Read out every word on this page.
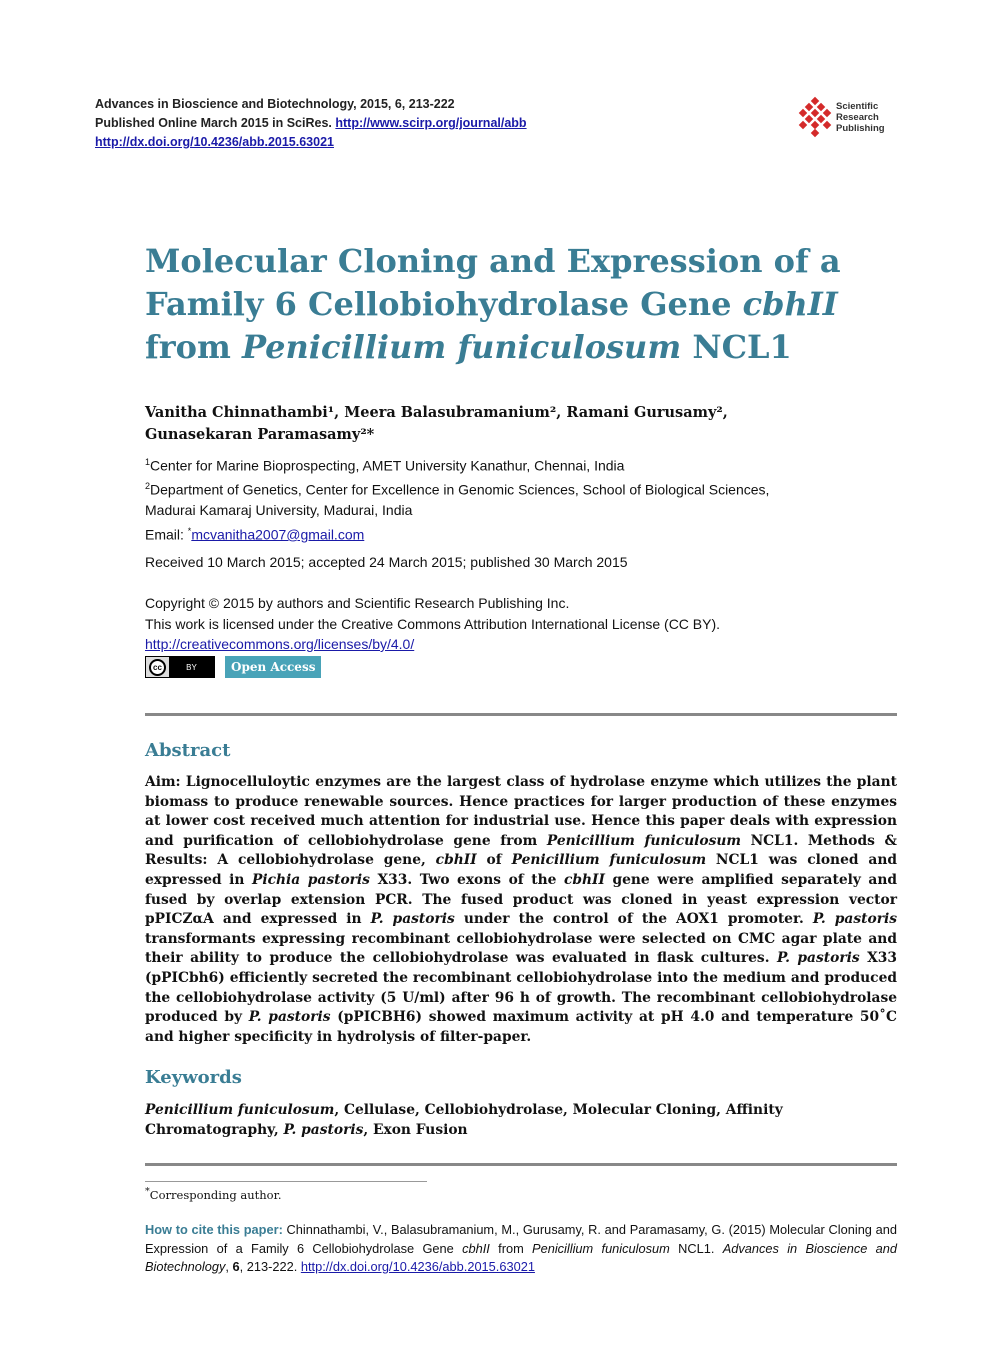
Advances in Bioscience and Biotechnology, 2015, 6, 213-222
Published Online March 2015 in SciRes. http://www.scirp.org/journal/abb
http://dx.doi.org/10.4236/abb.2015.63021
Scientific
Research
Publishing
Molecular Cloning and Expression of a
Family 6 Cellobiohydrolase Gene cbhII
from Penicillium funiculosum NCL1
Vanitha Chinnathambi¹, Meera Balasubramanium², Ramani Gurusamy²,
Gunasekaran Paramasamy²*
$^1$Center for Marine Bioprospecting, AMET University Kanathur, Chennai, India
$^2$Department of Genetics, Center for Excellence in Genomic Sciences, School of Biological Sciences,
Madurai Kamaraj University, Madurai, India
Email: *mcvanitha2007@gmail.com
Received 10 March 2015; accepted 24 March 2015; published 30 March 2015
Copyright © 2015 by authors and Scientific Research Publishing Inc.
This work is licensed under the Creative Commons Attribution International License (CC BY).
http://creativecommons.org/licenses/by/4.0/
cc	BY	Open Access
Abstract
Aim: Lignocelluloytic enzymes are the largest class of hydrolase enzyme which utilizes the plant biomass to produce renewable sources. Hence practices for larger production of these enzymes at lower cost received much attention for industrial use. Hence this paper deals with expression and purification of cellobiohydrolase gene from Penicillium funiculosum NCL1. Methods & Results: A cellobiohydrolase gene, cbhII of Penicillium funiculosum NCL1 was cloned and expressed in Pichia pastoris X33. Two exons of the cbhII gene were amplified separately and fused by overlap extension PCR. The fused product was cloned in yeast expression vector pPICZαA and expressed in P. pastoris under the control of the AOX1 promoter. P. pastoris transformants expressing recombinant cellobiohydrolase were selected on CMC agar plate and their ability to produce the cellobiohydrolase was evaluated in flask cultures. P. pastoris X33 (pPICbh6) efficiently secreted the recombinant cellobiohydrolase into the medium and produced the cellobiohydrolase activity (5 U/ml) after 96 h of growth. The recombinant cellobiohydrolase produced by P. pastoris (pPICBH6) showed maximum activity at pH 4.0 and temperature 50˚C and higher specificity in hydrolysis of filter-paper.
Keywords
Penicillium funiculosum, Cellulase, Cellobiohydrolase, Molecular Cloning, Affinity Chromatography, P. pastoris, Exon Fusion
*Corresponding author.
How to cite this paper: Chinnathambi, V., Balasubramanium, M., Gurusamy, R. and Paramasamy, G. (2015) Molecular Cloning and Expression of a Family 6 Cellobiohydrolase Gene cbhII from Penicillium funiculosum NCL1. Advances in Bioscience and Biotechnology, 6, 213-222. http://dx.doi.org/10.4236/abb.2015.63021
